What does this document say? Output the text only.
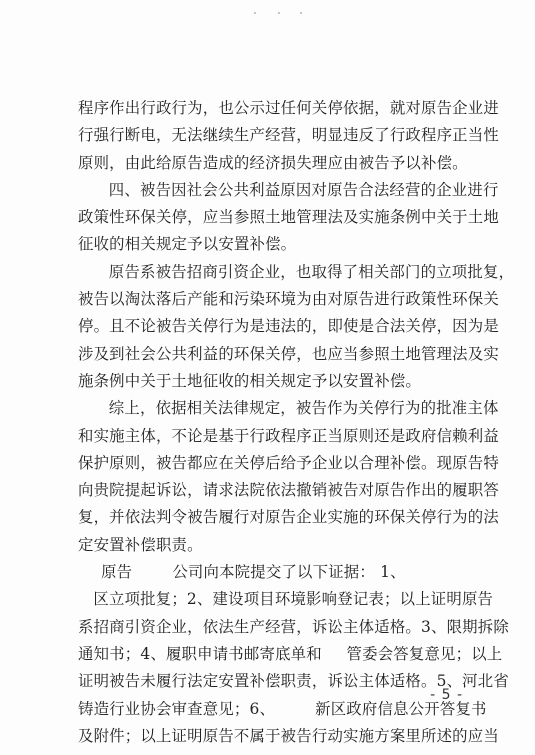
程序作出行政行为，也公示过任何关停依据，就对原告企业进
行强行断电，无法继续生产经营，明显违反了行政程序正当性
原则，由此给原告造成的经济损失理应由被告予以补偿。
四、被告因社会公共利益原因对原告合法经营的企业进行
政策性环保关停，应当参照土地管理法及实施条例中关于土地
征收的相关规定予以安置补偿。
原告系被告招商引资企业，也取得了相关部门的立项批复，
被告以淘汰落后产能和污染环境为由对原告进行政策性环保关
停。且不论被告关停行为是违法的，即使是合法关停，因为是
涉及到社会公共利益的环保关停，也应当参照土地管理法及实
施条例中关于土地征收的相关规定予以安置补偿。
综上，依据相关法律规定，被告作为关停行为的批准主体
和实施主体，不论是基于行政程序正当原则还是政府信赖利益
保护原则，被告都应在关停后给予企业以合理补偿。现原告特
向贵院提起诉讼，请求法院依法撤销被告对原告作出的履职答
复，并依法判令被告履行对原告企业实施的环保关停行为的法
定安置补偿职责。
原告	公司向本院提交了以下证据： 1、
区立项批复；2、建设项目环境影响登记表；以上证明原告
系招商引资企业，依法生产经营，诉讼主体适格。3、限期拆除
通知书；4、履职申请书邮寄底单和 管委会答复意见；以上
证明被告未履行法定安置补偿职责，诉讼主体适格。5、河北省
铸造行业协会审查意见；6、	新区政府信息公开答复书
及附件；以上证明原告不属于被告行动实施方案里所述的应当
- 5 -
